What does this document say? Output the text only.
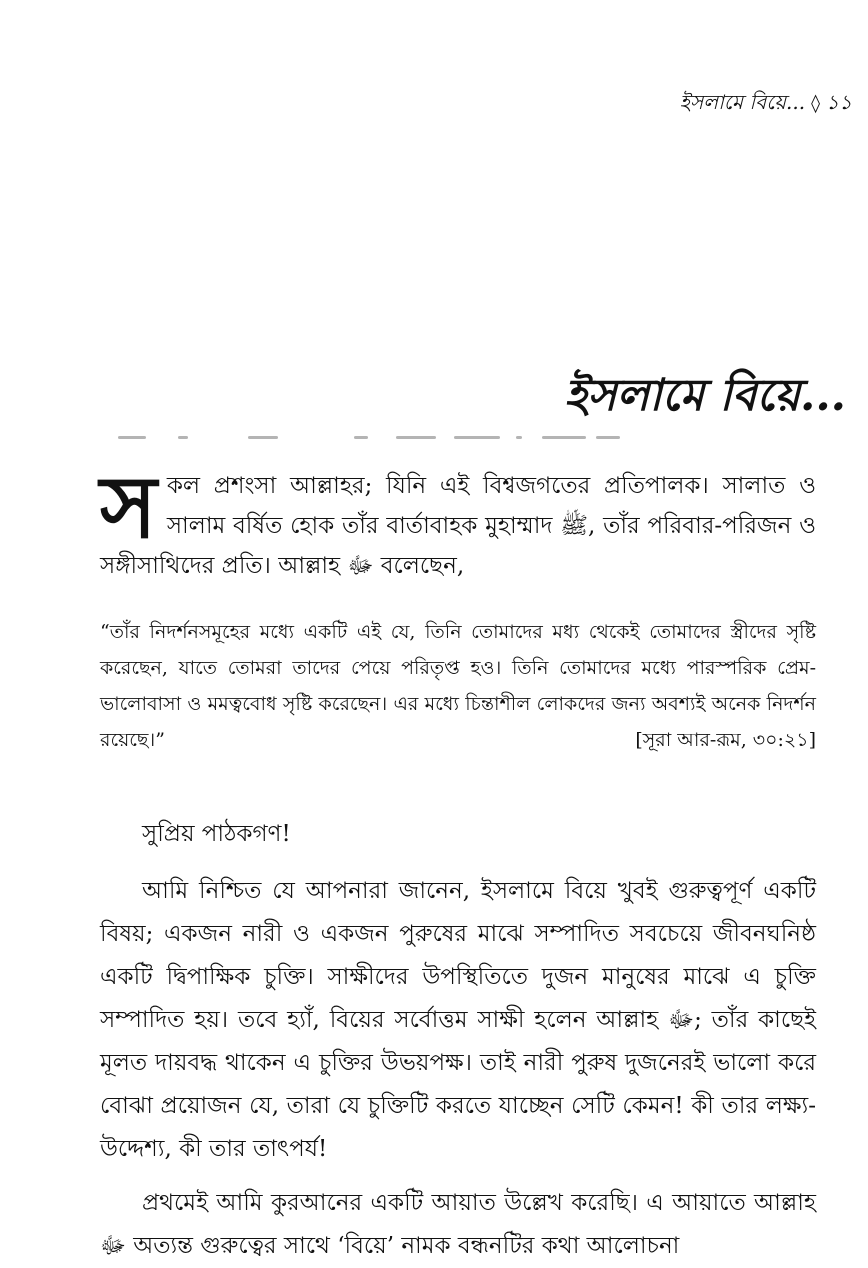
ইসলামে বিয়ে... ◊ ১১
ইসলামে বিয়ে...
সকল প্রশংসা আল্লাহর; যিনি এই বিশ্বজগতের প্রতিপালক। সালাত ও সালাম বর্ষিত হোক তাঁর বার্তাবাহক মুহাম্মাদ ﷺ, তাঁর পরিবার-পরিজন ও সঙ্গীসাথিদের প্রতি। আল্লাহ ﷻ বলেছেন,
“তাঁর নিদর্শনসমূহের মধ্যে একটি এই যে, তিনি তোমাদের মধ্য থেকেই তোমাদের স্ত্রীদের সৃষ্টি করেছেন, যাতে তোমরা তাদের পেয়ে পরিতৃপ্ত হও। তিনি তোমাদের মধ্যে পারস্পরিক প্রেম-ভালোবাসা ও মমত্ববোধ সৃষ্টি করেছেন। এর মধ্যে চিন্তাশীল লোকদের জন্য অবশ্যই অনেক নিদর্শন রয়েছে।”	[সূরা আর-রূম, ৩০:২১]
সুপ্রিয় পাঠকগণ!
আমি নিশ্চিত যে আপনারা জানেন, ইসলামে বিয়ে খুবই গুরুত্বপূর্ণ একটি বিষয়; একজন নারী ও একজন পুরুষের মাঝে সম্পাদিত সবচেয়ে জীবনঘনিষ্ঠ একটি দ্বিপাক্ষিক চুক্তি। সাক্ষীদের উপস্থিতিতে দুজন মানুষের মাঝে এ চুক্তি সম্পাদিত হয়। তবে হ্যাঁ, বিয়ের সর্বোত্তম সাক্ষী হলেন আল্লাহ ﷻ; তাঁর কাছেই মূলত দায়বদ্ধ থাকেন এ চুক্তির উভয়পক্ষ। তাই নারী পুরুষ দুজনেরই ভালো করে বোঝা প্রয়োজন যে, তারা যে চুক্তিটি করতে যাচ্ছেন সেটি কেমন! কী তার লক্ষ্য-উদ্দেশ্য, কী তার তাৎপর্য!
প্রথমেই আমি কুরআনের একটি আয়াত উল্লেখ করেছি। এ আয়াতে আল্লাহ ﷻ অত্যন্ত গুরুত্বের সাথে ‘বিয়ে’ নামক বন্ধনটির কথা আলোচনা
